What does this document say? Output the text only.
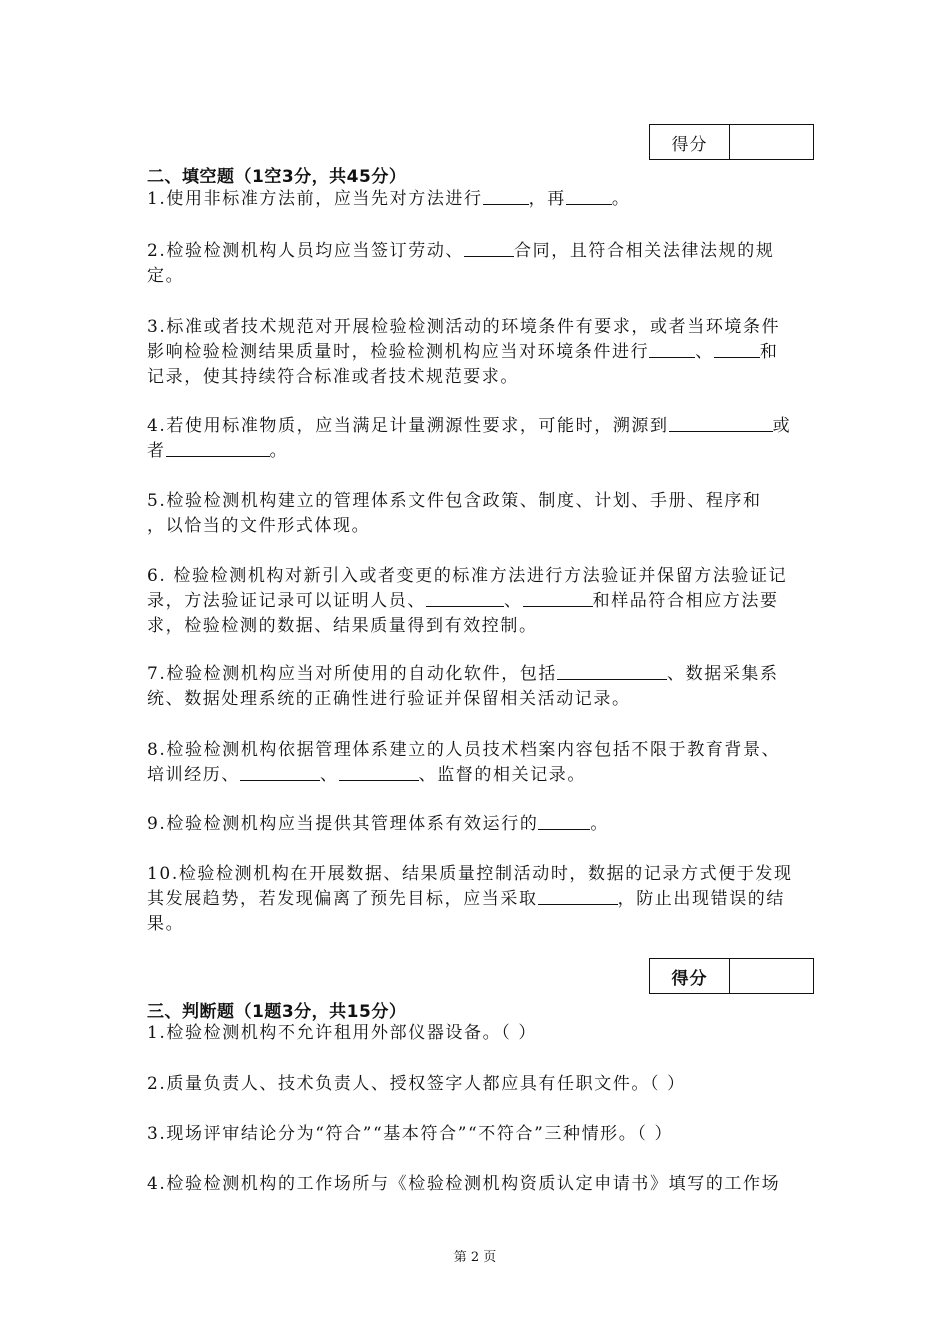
得分
二、填空题（1空3分，共45分）
1.使用非标准方法前，应当先对方法进行	，再	。
2.检验检测机构人员均应当签订劳动、	合同，且符合相关法律法规的规
定。
3.标准或者技术规范对开展检验检测活动的环境条件有要求，或者当环境条件
影响检验检测结果质量时，检验检测机构应当对环境条件进行	、	和
记录，使其持续符合标准或者技术规范要求。
4.若使用标准物质，应当满足计量溯源性要求，可能时，溯源到	或
者	。
5.检验检测机构建立的管理体系文件包含政策、制度、计划、手册、程序和
，以恰当的文件形式体现。
6. 检验检测机构对新引入或者变更的标准方法进行方法验证并保留方法验证记
录，方法验证记录可以证明人员、	、	和样品符合相应方法要
求，检验检测的数据、结果质量得到有效控制。
7.检验检测机构应当对所使用的自动化软件，包括	、数据采集系
统、数据处理系统的正确性进行验证并保留相关活动记录。
8.检验检测机构依据管理体系建立的人员技术档案内容包括不限于教育背景、
培训经历、	、	、监督的相关记录。
9.检验检测机构应当提供其管理体系有效运行的	。
10.检验检测机构在开展数据、结果质量控制活动时，数据的记录方式便于发现
其发展趋势，若发现偏离了预先目标，应当采取	，防止出现错误的结
果。
得分
三、判断题（1题3分，共15分）
1.检验检测机构不允许租用外部仪器设备。（ ）
2.质量负责人、技术负责人、授权签字人都应具有任职文件。（ ）
3.现场评审结论分为“符合”“基本符合”“不符合”三种情形。（ ）
4.检验检测机构的工作场所与《检验检测机构资质认定申请书》填写的工作场
第 2 页
